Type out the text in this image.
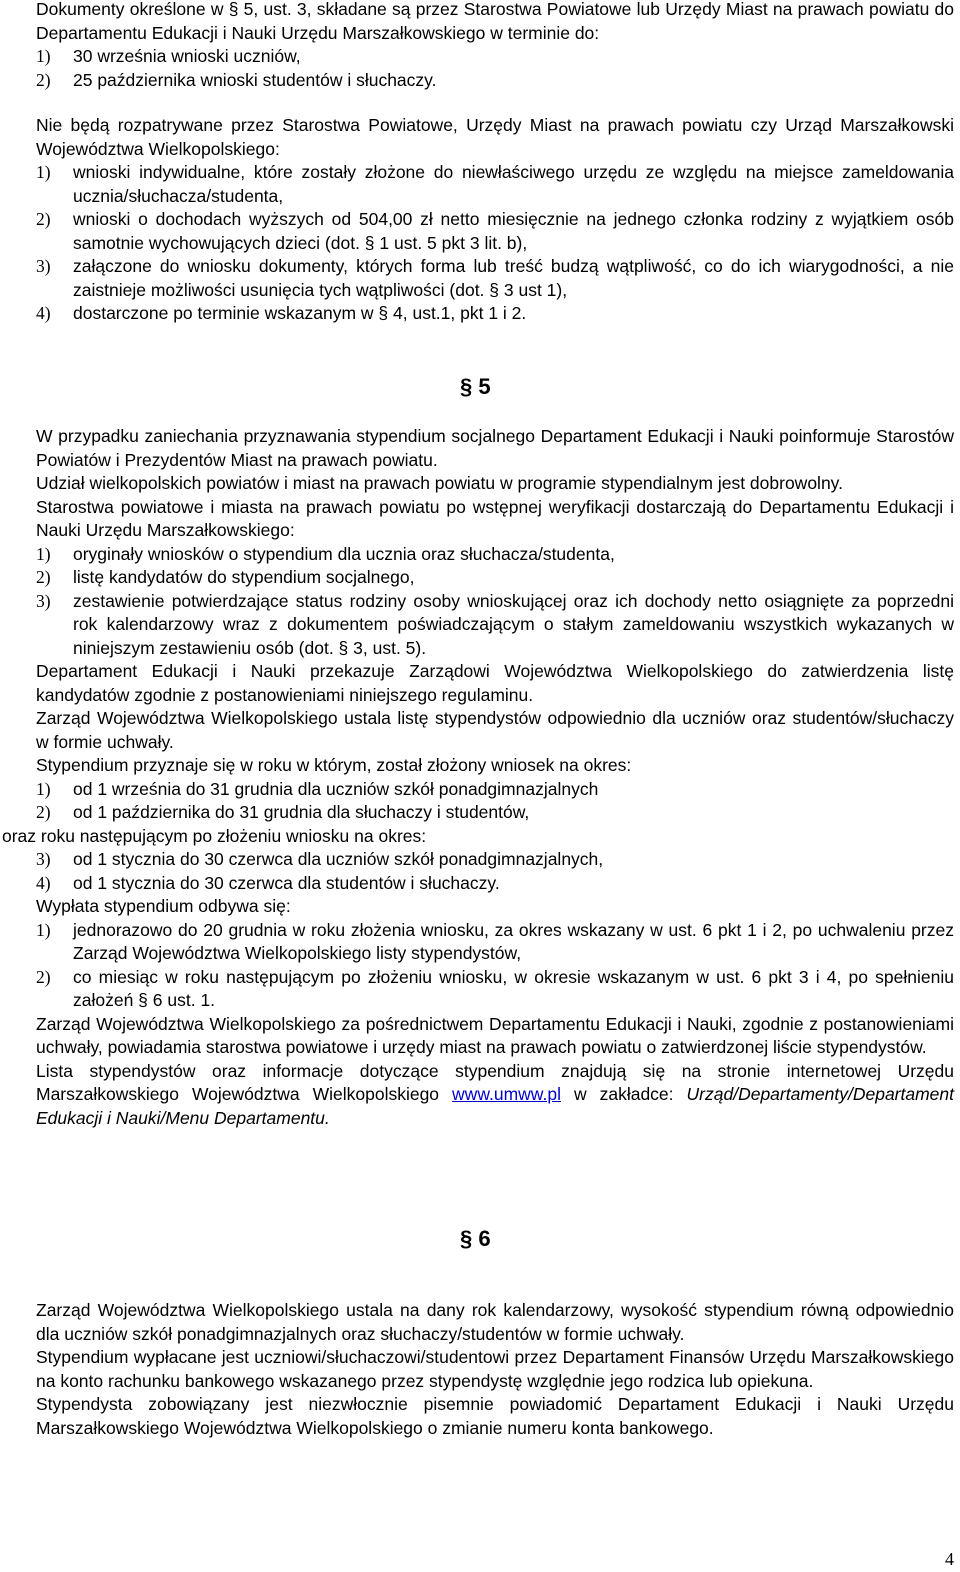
Dokumenty określone w § 5, ust. 3, składane są przez Starostwa Powiatowe lub Urzędy Miast na prawach powiatu do Departamentu Edukacji i Nauki Urzędu Marszałkowskiego w terminie do:

1) 30 września wnioski uczniów,

2) 25 października wnioski studentów i słuchaczy.

Nie będą rozpatrywane przez Starostwa Powiatowe, Urzędy Miast na prawach powiatu czy Urząd Marszałkowski Województwa Wielkopolskiego:

1) wnioski indywidualne, które zostały złożone do niewłaściwego urzędu ze względu na miejsce zameldowania ucznia/słuchacza/studenta,

2) wnioski o dochodach wyższych od 504,00 zł netto miesięcznie na jednego członka rodziny z wyjątkiem osób samotnie wychowujących dzieci (dot. § 1 ust. 5 pkt 3 lit. b),

3) załączone do wniosku dokumenty, których forma lub treść budzą wątpliwość, co do ich wiarygodności, a nie zaistnieje możliwości usunięcia tych wątpliwości (dot. § 3 ust 1),

4) dostarczone po terminie wskazanym w § 4, ust.1, pkt 1 i 2.

§ 5

W przypadku zaniechania przyznawania stypendium socjalnego Departament Edukacji i Nauki poinformuje Starostów Powiatów i Prezydentów Miast na prawach powiatu.

Udział wielkopolskich powiatów i miast na prawach powiatu w programie stypendialnym jest dobrowolny.

Starostwa powiatowe i miasta na prawach powiatu po wstępnej weryfikacji dostarczają do Departamentu Edukacji i Nauki Urzędu Marszałkowskiego:

1) oryginały wniosków o stypendium dla ucznia oraz słuchacza/studenta,

2) listę kandydatów do stypendium socjalnego,

3) zestawienie potwierdzające status rodziny osoby wnioskującej oraz ich dochody netto osiągnięte za poprzedni rok kalendarzowy wraz z dokumentem poświadczającym o stałym zameldowaniu wszystkich wykazanych w niniejszym zestawieniu osób (dot. § 3, ust. 5).

Departament Edukacji i Nauki przekazuje Zarządowi Województwa Wielkopolskiego do zatwierdzenia listę kandydatów zgodnie z postanowieniami niniejszego regulaminu.

Zarząd Województwa Wielkopolskiego ustala listę stypendystów odpowiednio dla uczniów oraz studentów/słuchaczy w formie uchwały.

Stypendium przyznaje się w roku w którym, został złożony wniosek na okres:

1) od 1 września do 31 grudnia dla uczniów szkół ponadgimnazjalnych

2) od 1 października do 31 grudnia dla słuchaczy i studentów,

oraz roku następującym po złożeniu wniosku na okres:

3) od 1 stycznia do 30 czerwca dla uczniów szkół ponadgimnazjalnych,

4) od 1 stycznia do 30 czerwca dla studentów i słuchaczy.

Wypłata stypendium odbywa się:

1) jednorazowo do 20 grudnia w roku złożenia wniosku, za okres wskazany w ust. 6 pkt 1 i 2, po uchwaleniu przez Zarząd Województwa Wielkopolskiego listy stypendystów,

2) co miesiąc w roku następującym po złożeniu wniosku, w okresie wskazanym w ust. 6 pkt 3 i 4, po spełnieniu założeń § 6 ust. 1.

Zarząd Województwa Wielkopolskiego za pośrednictwem Departamentu Edukacji i Nauki, zgodnie z postanowieniami uchwały, powiadamia starostwa powiatowe i urzędy miast na prawach powiatu o zatwierdzonej liście stypendystów.

Lista stypendystów oraz informacje dotyczące stypendium znajdują się na stronie internetowej Urzędu Marszałkowskiego Województwa Wielkopolskiego www.umww.pl w zakładce: Urząd/Departamenty/Departament Edukacji i Nauki/Menu Departamentu.

§ 6

Zarząd Województwa Wielkopolskiego ustala na dany rok kalendarzowy, wysokość stypendium równą odpowiednio dla uczniów szkół ponadgimnazjalnych oraz słuchaczy/studentów w formie uchwały.

Stypendium wypłacane jest uczniowi/słuchaczowi/studentowi przez Departament Finansów Urzędu Marszałkowskiego na konto rachunku bankowego wskazanego przez stypendystę względnie jego rodzica lub opiekuna.

Stypendysta zobowiązany jest niezwłocznie pisemnie powiadomić Departament Edukacji i Nauki Urzędu Marszałkowskiego Województwa Wielkopolskiego o zmianie numeru konta bankowego.

4
